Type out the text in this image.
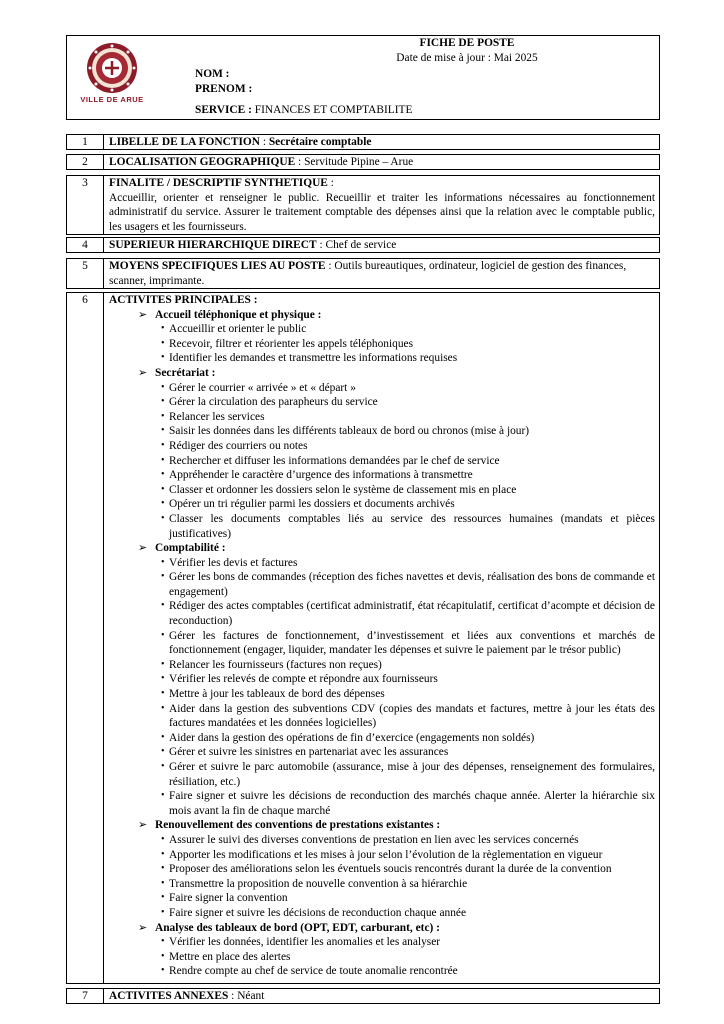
VILLE DE ARUE
FICHE DE POSTE
Date de mise à jour : Mai 2025
NOM :
PRENOM :
SERVICE : FINANCES ET COMPTABILITE
1	LIBELLE DE LA FONCTION : Secrétaire comptable
2	LOCALISATION GEOGRAPHIQUE : Servitude Pipine – Arue
3	FINALITE / DESCRIPTIF SYNTHETIQUE :
Accueillir, orienter et renseigner le public. Recueillir et traiter les informations nécessaires au fonctionnement administratif du service. Assurer le traitement comptable des dépenses ainsi que la relation avec le comptable public, les usagers et les fournisseurs.
4	SUPERIEUR HIERARCHIQUE DIRECT : Chef de service
5	MOYENS SPECIFIQUES LIES AU POSTE : Outils bureautiques, ordinateur, logiciel de gestion des finances, scanner, imprimante.
6	ACTIVITES PRINCIPALES :
➢ Accueil téléphonique et physique :
• Accueillir et orienter le public
• Recevoir, filtrer et réorienter les appels téléphoniques
• Identifier les demandes et transmettre les informations requises
➢ Secrétariat :
• Gérer le courrier « arrivée » et « départ »
• Gérer la circulation des parapheurs du service
• Relancer les services
• Saisir les données dans les différents tableaux de bord ou chronos (mise à jour)
• Rédiger des courriers ou notes
• Rechercher et diffuser les informations demandées par le chef de service
• Appréhender le caractère d’urgence des informations à transmettre
• Classer et ordonner les dossiers selon le système de classement mis en place
• Opérer un tri régulier parmi les dossiers et documents archivés
• Classer les documents comptables liés au service des ressources humaines (mandats et pièces justificatives)
➢ Comptabilité :
• Vérifier les devis et factures
• Gérer les bons de commandes (réception des fiches navettes et devis, réalisation des bons de commande et engagement)
• Rédiger des actes comptables (certificat administratif, état récapitulatif, certificat d’acompte et décision de reconduction)
• Gérer les factures de fonctionnement, d’investissement et liées aux conventions et marchés de fonctionnement (engager, liquider, mandater les dépenses et suivre le paiement par le trésor public)
• Relancer les fournisseurs (factures non reçues)
• Vérifier les relevés de compte et répondre aux fournisseurs
• Mettre à jour les tableaux de bord des dépenses
• Aider dans la gestion des subventions CDV (copies des mandats et factures, mettre à jour les états des factures mandatées et les données logicielles)
• Aider dans la gestion des opérations de fin d’exercice (engagements non soldés)
• Gérer et suivre les sinistres en partenariat avec les assurances
• Gérer et suivre le parc automobile (assurance, mise à jour des dépenses, renseignement des formulaires, résiliation, etc.)
• Faire signer et suivre les décisions de reconduction des marchés chaque année. Alerter la hiérarchie six mois avant la fin de chaque marché
➢ Renouvellement des conventions de prestations existantes :
• Assurer le suivi des diverses conventions de prestation en lien avec les services concernés
• Apporter les modifications et les mises à jour selon l’évolution de la règlementation en vigueur
• Proposer des améliorations selon les éventuels soucis rencontrés durant la durée de la convention
• Transmettre la proposition de nouvelle convention à sa hiérarchie
• Faire signer la convention
• Faire signer et suivre les décisions de reconduction chaque année
➢ Analyse des tableaux de bord (OPT, EDT, carburant, etc) :
• Vérifier les données, identifier les anomalies et les analyser
• Mettre en place des alertes
• Rendre compte au chef de service de toute anomalie rencontrée
7	ACTIVITES ANNEXES : Néant
